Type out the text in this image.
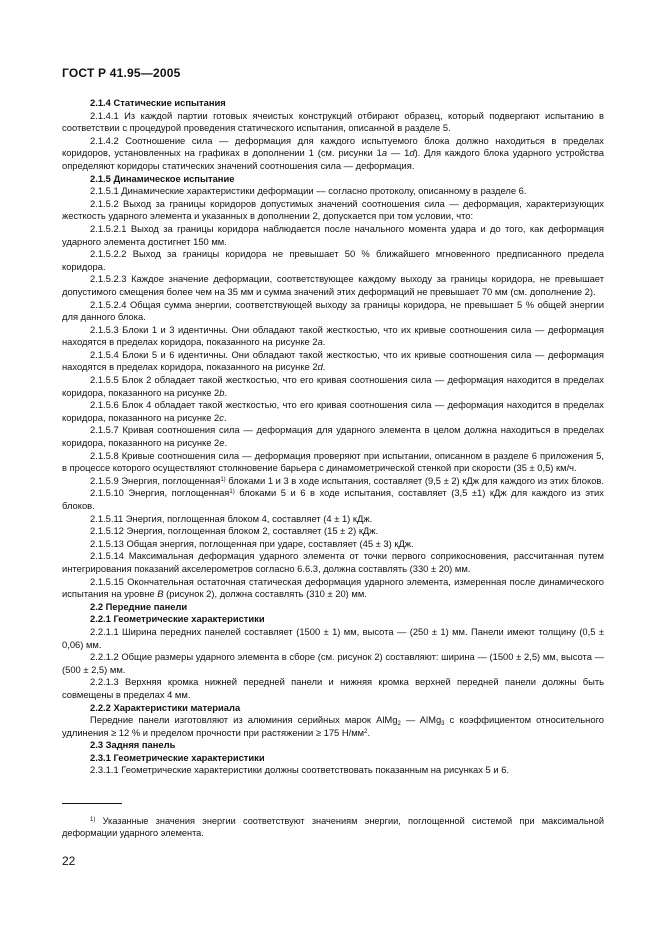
ГОСТ Р 41.95—2005

2.1.4 Статические испытания

2.1.4.1 Из каждой партии готовых ячеистых конструкций отбирают образец, который подвергают испытанию в соответствии с процедурой проведения статического испытания, описанной в разделе 5.

2.1.4.2 Соотношение сила — деформация для каждого испытуемого блока должно находиться в пределах коридоров, установленных на графиках в дополнении 1 (см. рисунки 1a — 1d). Для каждого блока ударного устройства определяют коридоры статических значений соотношения сила — деформация.

2.1.5 Динамическое испытание

2.1.5.1 Динамические характеристики деформации — согласно протоколу, описанному в разделе 6.

2.1.5.2 Выход за границы коридоров допустимых значений соотношения сила — деформация, характеризующих жесткость ударного элемента и указанных в дополнении 2, допускается при том условии, что:

2.1.5.2.1 Выход за границы коридора наблюдается после начального момента удара и до того, как деформация ударного элемента достигнет 150 мм.

2.1.5.2.2 Выход за границы коридора не превышает 50 % ближайшего мгновенного предписанного предела коридора.

2.1.5.2.3 Каждое значение деформации, соответствующее каждому выходу за границы коридора, не превышает допустимого смещения более чем на 35 мм и сумма значений этих деформаций не превышает 70 мм (см. дополнение 2).

2.1.5.2.4 Общая сумма энергии, соответствующей выходу за границы коридора, не превышает 5 % общей энергии для данного блока.

2.1.5.3 Блоки 1 и 3 идентичны. Они обладают такой жесткостью, что их кривые соотношения сила — деформация находятся в пределах коридора, показанного на рисунке 2a.

2.1.5.4 Блоки 5 и 6 идентичны. Они обладают такой жесткостью, что их кривые соотношения сила — деформация находятся в пределах коридора, показанного на рисунке 2d.

2.1.5.5 Блок 2 обладает такой жесткостью, что его кривая соотношения сила — деформация находится в пределах коридора, показанного на рисунке 2b.

2.1.5.6 Блок 4 обладает такой жесткостью, что его кривая соотношения сила — деформация находится в пределах коридора, показанного на рисунке 2c.

2.1.5.7 Кривая соотношения сила — деформация для ударного элемента в целом должна находиться в пределах коридора, показанного на рисунке 2e.

2.1.5.8 Кривые соотношения сила — деформация проверяют при испытании, описанном в разделе 6 приложения 5, в процессе которого осуществляют столкновение барьера с динамометрической стенкой при скорости (35 ± 0,5) км/ч.

2.1.5.9 Энергия, поглощенная$^{1)}$ блоками 1 и 3 в ходе испытания, составляет (9,5 ± 2) кДж для каждого из этих блоков.

2.1.5.10 Энергия, поглощенная$^{1)}$ блоками 5 и 6 в ходе испытания, составляет (3,5 ±1) кДж для каждого из этих блоков.

2.1.5.11 Энергия, поглощенная блоком 4, составляет (4 ± 1) кДж.

2.1.5.12 Энергия, поглощенная блоком 2, составляет (15 ± 2) кДж.

2.1.5.13 Общая энергия, поглощенная при ударе, составляет (45 ± 3) кДж.

2.1.5.14 Максимальная деформация ударного элемента от точки первого соприкосновения, рассчитанная путем интегрирования показаний акселерометров согласно 6.6.3, должна составлять (330 ± 20) мм.

2.1.5.15 Окончательная остаточная статическая деформация ударного элемента, измеренная после динамического испытания на уровне B (рисунок 2), должна составлять (310 ± 20) мм.

2.2 Передние панели

2.2.1 Геометрические характеристики

2.2.1.1 Ширина передних панелей составляет (1500 ± 1) мм, высота — (250 ± 1) мм. Панели имеют толщину (0,5 ± 0,06) мм.

2.2.1.2 Общие размеры ударного элемента в сборе (см. рисунок 2) составляют: ширина — (1500 ± 2,5) мм, высота — (500 ± 2,5) мм.

2.2.1.3 Верхняя кромка нижней передней панели и нижняя кромка верхней передней панели должны быть совмещены в пределах 4 мм.

2.2.2 Характеристики материала

Передние панели изготовляют из алюминия серийных марок AlMg$_2$ — AlMg$_3$ с коэффициентом относительного удлинения ≥ 12 % и пределом прочности при растяжении ≥ 175 $Н/мм^2$.

2.3 Задняя панель

2.3.1 Геометрические характеристики

2.3.1.1 Геометрические характеристики должны соответствовать показанным на рисунках 5 и 6.

$^{1)}$ Указанные значения энергии соответствуют значениям энергии, поглощенной системой при максимальной деформации ударного элемента.
22
